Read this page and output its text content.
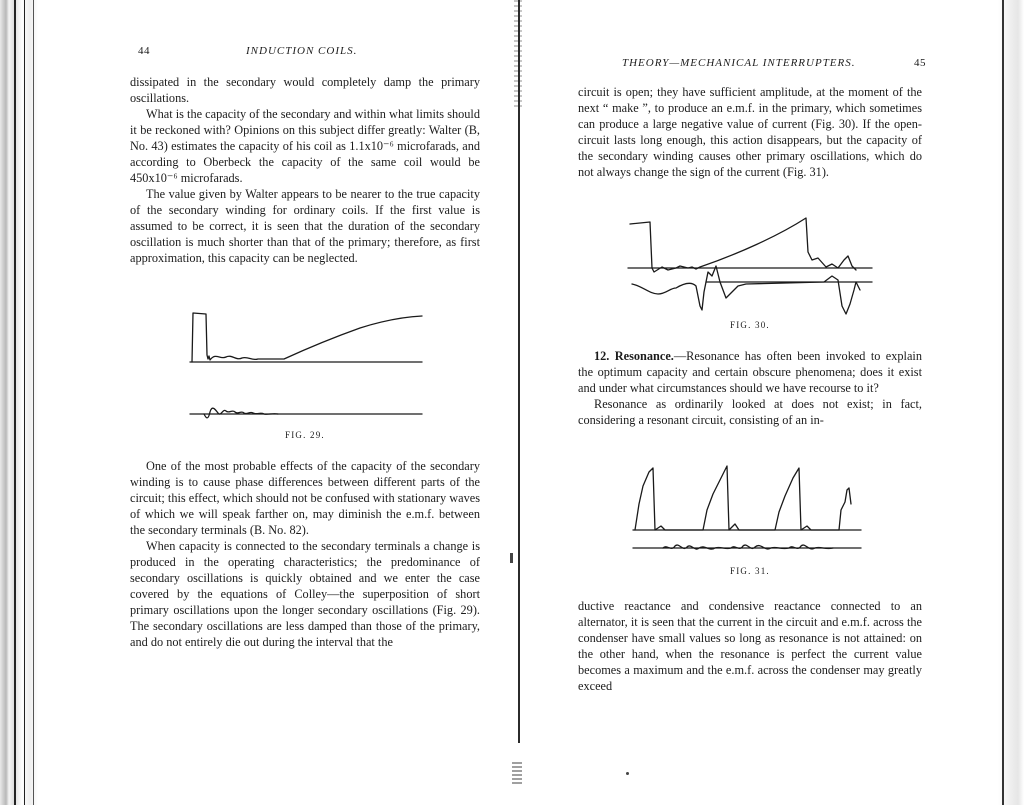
44	INDUCTION COILS.

dissipated in the secondary would completely damp the primary oscillations.

What is the capacity of the secondary and within what limits should it be reckoned with? Opinions on this subject differ greatly: Walter (B, No. 43) estimates the capacity of his coil as 1.1x10⁻⁶ microfarads, and according to Oberbeck the capacity of the same coil would be 450x10⁻⁶ microfarads.

The value given by Walter appears to be nearer to the true capacity of the secondary winding for ordinary coils. If the first value is assumed to be correct, it is seen that the duration of the secondary oscillation is much shorter than that of the primary; therefore, as first approximation, this capacity can be neglected.

FIG. 29.

One of the most probable effects of the capacity of the secondary winding is to cause phase differences between different parts of the circuit; this effect, which should not be confused with stationary waves of which we will speak farther on, may diminish the e.m.f. between the secondary terminals (B. No. 82).

When capacity is connected to the secondary terminals a change is produced in the operating characteristics; the predominance of secondary oscillations is quickly obtained and we enter the case covered by the equations of Colley—the superposition of short primary oscillations upon the longer secondary oscillations (Fig. 29). The secondary oscillations are less damped than those of the primary, and do not entirely die out during the interval that the

THEORY—MECHANICAL INTERRUPTERS.	45

circuit is open; they have sufficient amplitude, at the moment of the next “ make ”, to produce an e.m.f. in the primary, which sometimes can produce a large negative value of current (Fig. 30). If the open-circuit lasts long enough, this action disappears, but the capacity of the secondary winding causes other primary oscillations, which do not always change the sign of the current (Fig. 31).

FIG. 30.

12. Resonance.—Resonance has often been invoked to explain the optimum capacity and certain obscure phenomena; does it exist and under what circumstances should we have recourse to it?

Resonance as ordinarily looked at does not exist; in fact, considering a resonant circuit, consisting of an in-

FIG. 31.

ductive reactance and condensive reactance connected to an alternator, it is seen that the current in the circuit and e.m.f. across the condenser have small values so long as resonance is not attained: on the other hand, when the resonance is perfect the current value becomes a maximum and the e.m.f. across the condenser may greatly exceed
